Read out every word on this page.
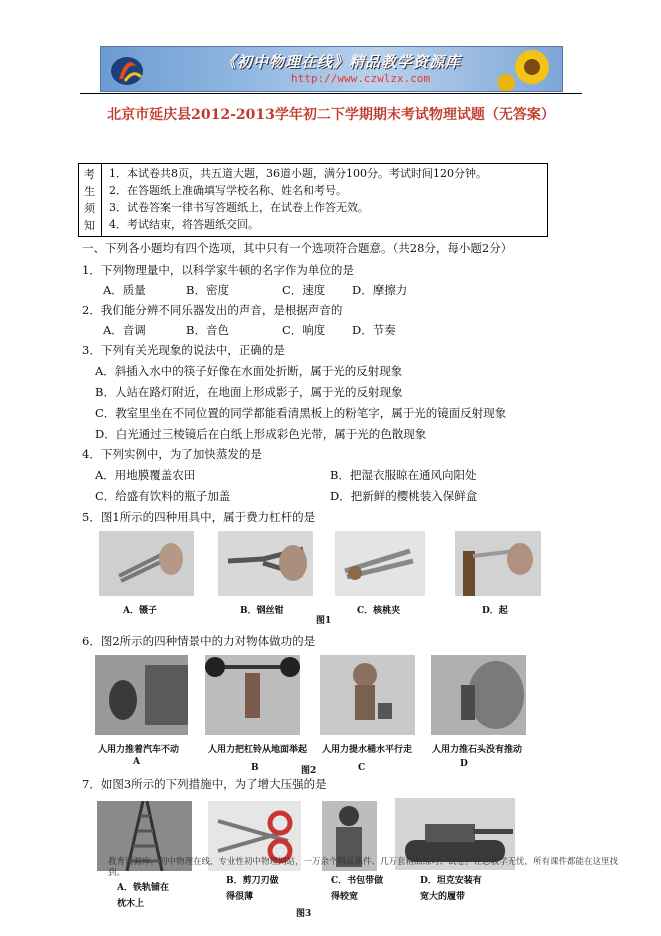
《初中物理在线》精品教学资源库
http://www.czwlzx.com
北京市延庆县2012-2013学年初二下学期期末考试物理试题（无答案）
考
生
须
知
1．本试卷共8页，共五道大题，36道小题，满分100分。考试时间120分钟。
2．在答题纸上准确填写学校名称、姓名和考号。
3．试卷答案一律书写答题纸上，在试卷上作答无效。
4．考试结束，将答题纸交回。
一、下列各小题均有四个选项，其中只有一个选项符合题意。（共28分，每小题2分）
1．下列物理量中，以科学家牛顿的名字作为单位的是
A．质量	B．密度	C．速度 D．摩擦力
2．我们能分辨不同乐器发出的声音，是根据声音的
A．音调	B．音色	C．响度 D．节奏
3．下列有关光现象的说法中，正确的是
A．斜插入水中的筷子好像在水面处折断，属于光的反射现象
B．人站在路灯附近，在地面上形成影子，属于光的反射现象
C．教室里坐在不同位置的同学都能看清黑板上的粉笔字，属于光的镜面反射现象
D．白光通过三棱镜后在白纸上形成彩色光带，属于光的色散现象
4．下列实例中，为了加快蒸发的是
A．用地膜覆盖农田	B．把湿衣服晾在通风向阳处
C．给盛有饮料的瓶子加盖	D．把新鲜的樱桃装入保鲜盒
5．图1所示的四种用具中，属于费力杠杆的是
A．镊子	B．钢丝钳	C．核桃夹	D．起
图1
6．图2所示的四种情景中的力对物体做功的是
人用力推着汽车不动	人用力把杠铃从地面举起 人用力提水桶水平行走 人用力推石头没有推动
A
B	C	D
图2
7．如图3所示的下列措施中，为了增大压强的是
教育资源库，初中物理在线，专业性初中物理网站，一万余个精品课件、几万套精品练习、试卷。让您教学无忧，所有课件都能在这里找到。
A．铁轨铺在枕木上
B．剪刀刃做得很薄
C．书包带做得较宽
D．坦克安装有宽大的履带
图3
